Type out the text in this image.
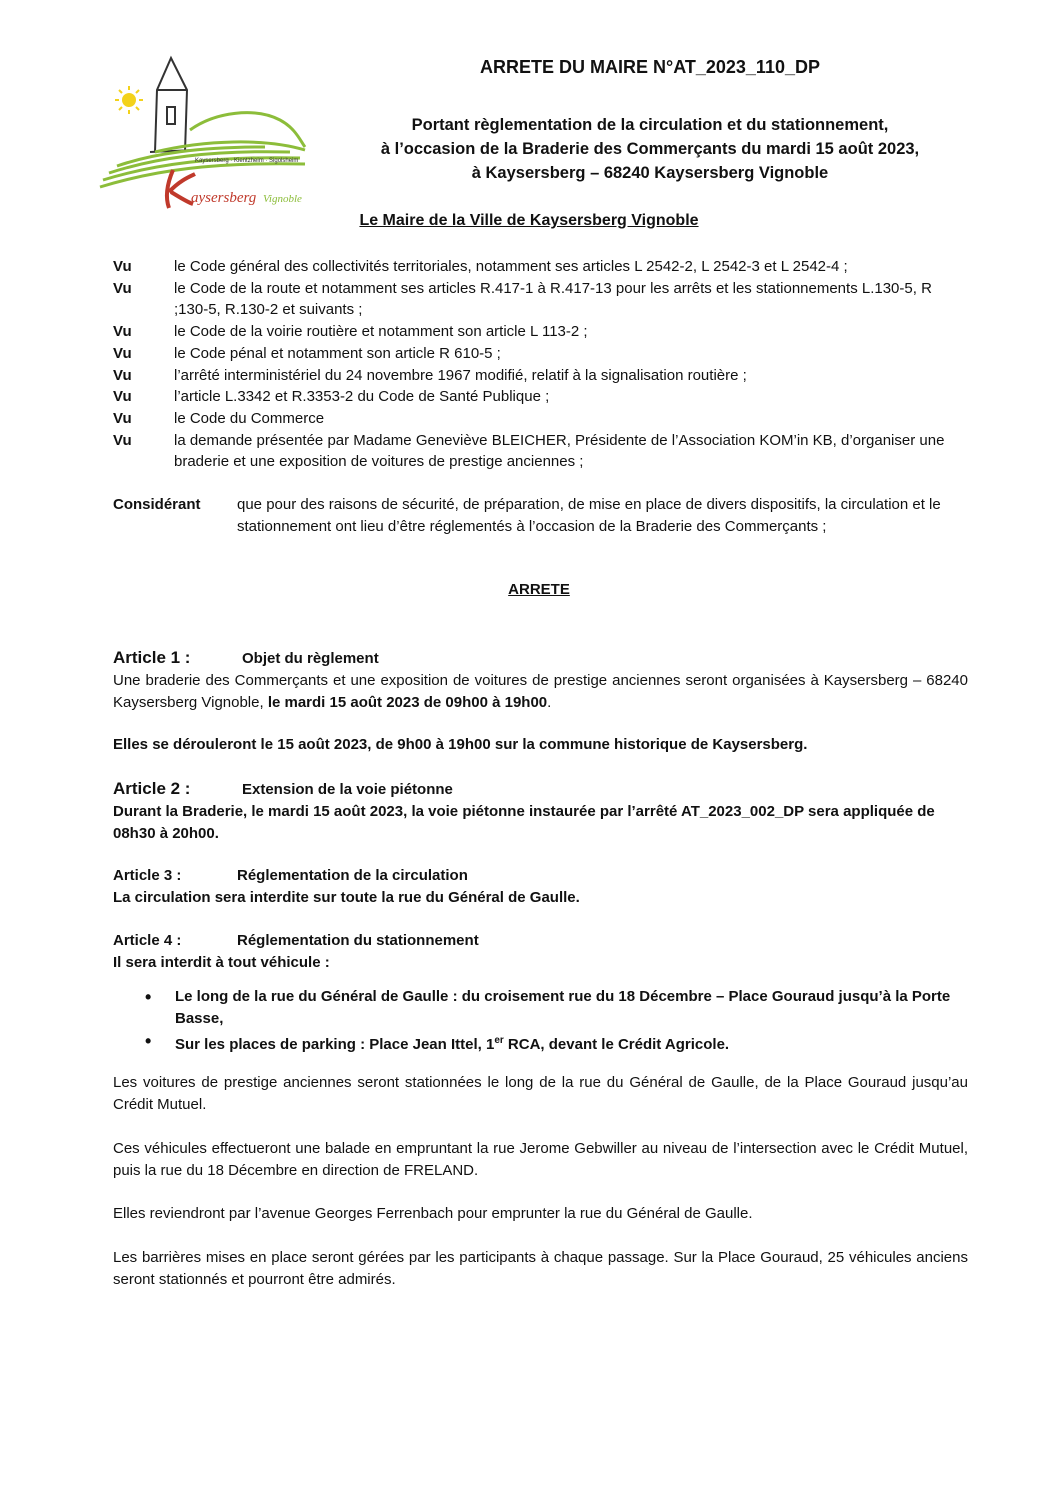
Kaysersberg · Kientzheim · Sigolsheim
aysersberg Vignoble
ARRETE DU MAIRE N°AT_2023_110_DP
Portant règlementation de la circulation et du stationnement,
à l’occasion de la Braderie des Commerçants du mardi 15 août 2023,
à Kaysersberg – 68240 Kaysersberg Vignoble
Le Maire de la Ville de Kaysersberg Vignoble
Vu	le Code général des collectivités territoriales, notamment ses articles L 2542-2, L 2542-3 et L 2542-4 ;
Vu	le Code de la route et notamment ses articles R.417-1 à R.417-13 pour les arrêts et les stationnements L.130-5, R ;130-5, R.130-2 et suivants ;
Vu	le Code de la voirie routière et notamment son article L 113-2 ;
Vu	le Code pénal et notamment son article R 610-5 ;
Vu	l’arrêté interministériel du 24 novembre 1967 modifié, relatif à la signalisation routière ;
Vu	l’article L.3342 et R.3353-2 du Code de Santé Publique ;
Vu	le Code du Commerce
Vu	la demande présentée par Madame Geneviève BLEICHER, Présidente de l’Association KOM’in KB, d’organiser une braderie et une exposition de voitures de prestige anciennes ;
Considérant	que pour des raisons de sécurité, de préparation, de mise en place de divers dispositifs, la circulation et le stationnement ont lieu d’être réglementés à l’occasion de la Braderie des Commerçants ;
ARRETE
Article 1 :	Objet du règlement
Une braderie des Commerçants et une exposition de voitures de prestige anciennes seront organisées à Kaysersberg – 68240 Kaysersberg Vignoble, le mardi 15 août 2023 de 09h00 à 19h00.
Elles se dérouleront le 15 août 2023, de 9h00 à 19h00 sur la commune historique de Kaysersberg.
Article 2 :	Extension de la voie piétonne
Durant la Braderie, le mardi 15 août 2023, la voie piétonne instaurée par l’arrêté AT_2023_002_DP sera appliquée de 08h30 à 20h00.
Article 3 :	Réglementation de la circulation
La circulation sera interdite sur toute la rue du Général de Gaulle.
Article 4 :	Réglementation du stationnement
Il sera interdit à tout véhicule :
• Le long de la rue du Général de Gaulle : du croisement rue du 18 Décembre – Place Gouraud jusqu’à la Porte Basse,
• Sur les places de parking : Place Jean Ittel, 1er RCA, devant le Crédit Agricole.
Les voitures de prestige anciennes seront stationnées le long de la rue du Général de Gaulle, de la Place Gouraud jusqu’au Crédit Mutuel.
Ces véhicules effectueront une balade en empruntant la rue Jerome Gebwiller au niveau de l’intersection avec le Crédit Mutuel, puis la rue du 18 Décembre en direction de FRELAND.
Elles reviendront par l’avenue Georges Ferrenbach pour emprunter la rue du Général de Gaulle.
Les barrières mises en place seront gérées par les participants à chaque passage. Sur la Place Gouraud, 25 véhicules anciens seront stationnés et pourront être admirés.
